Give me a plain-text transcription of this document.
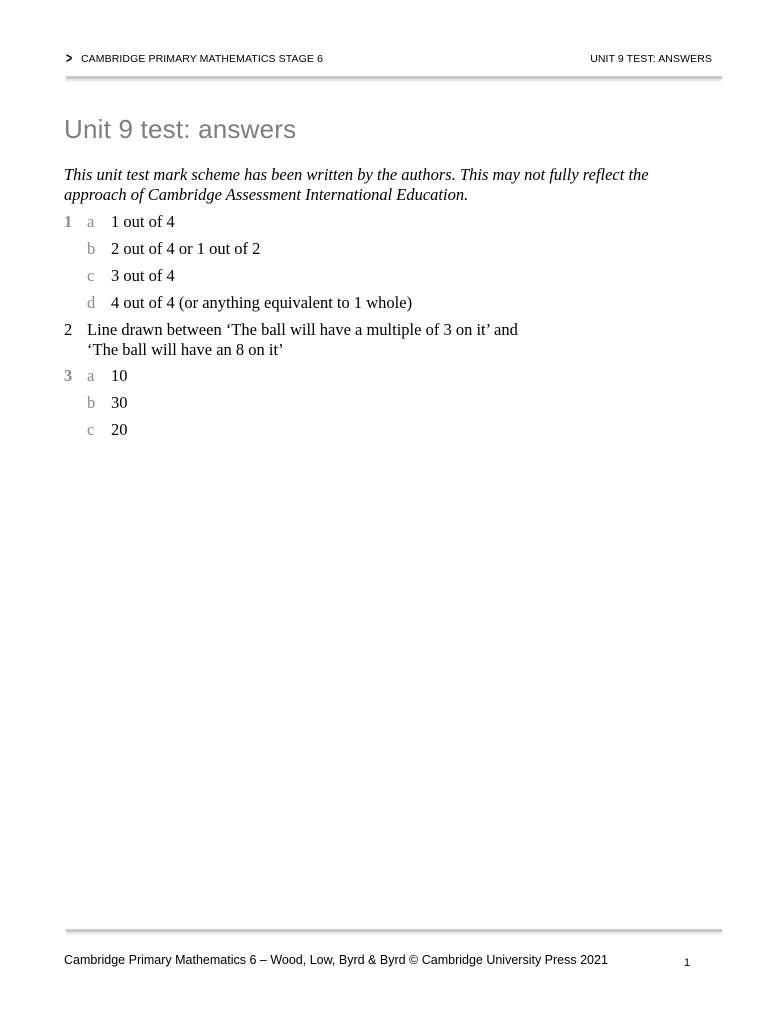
> CAMBRIDGE PRIMARY MATHEMATICS STAGE 6	UNIT 9 TEST: ANSWERS
Unit 9 test: answers
This unit test mark scheme has been written by the authors. This may not fully reflect the approach of Cambridge Assessment International Education.
1 a 1 out of 4
b 2 out of 4 or 1 out of 2
c 3 out of 4
d 4 out of 4 (or anything equivalent to 1 whole)
2 Line drawn between ‘The ball will have a multiple of 3 on it’ and
‘The ball will have an 8 on it’
3 a 10
b 30
c 20
Cambridge Primary Mathematics 6 – Wood, Low, Byrd & Byrd © Cambridge University Press 2021	1
